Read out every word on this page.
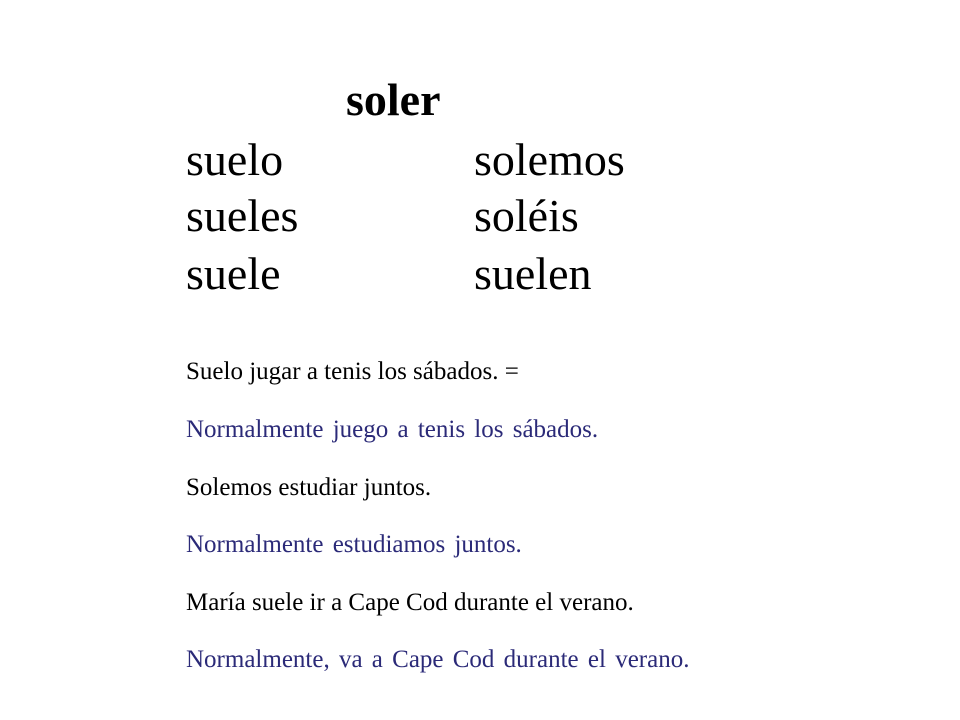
soler
suelo	solemos
sueles	soléis
suele	suelen
Suelo jugar a tenis los sábados. =
Normalmente juego a tenis los sábados.
Solemos estudiar juntos.
Normalmente estudiamos juntos.
María suele ir a Cape Cod durante el verano.
Normalmente, va a Cape Cod durante el verano.
